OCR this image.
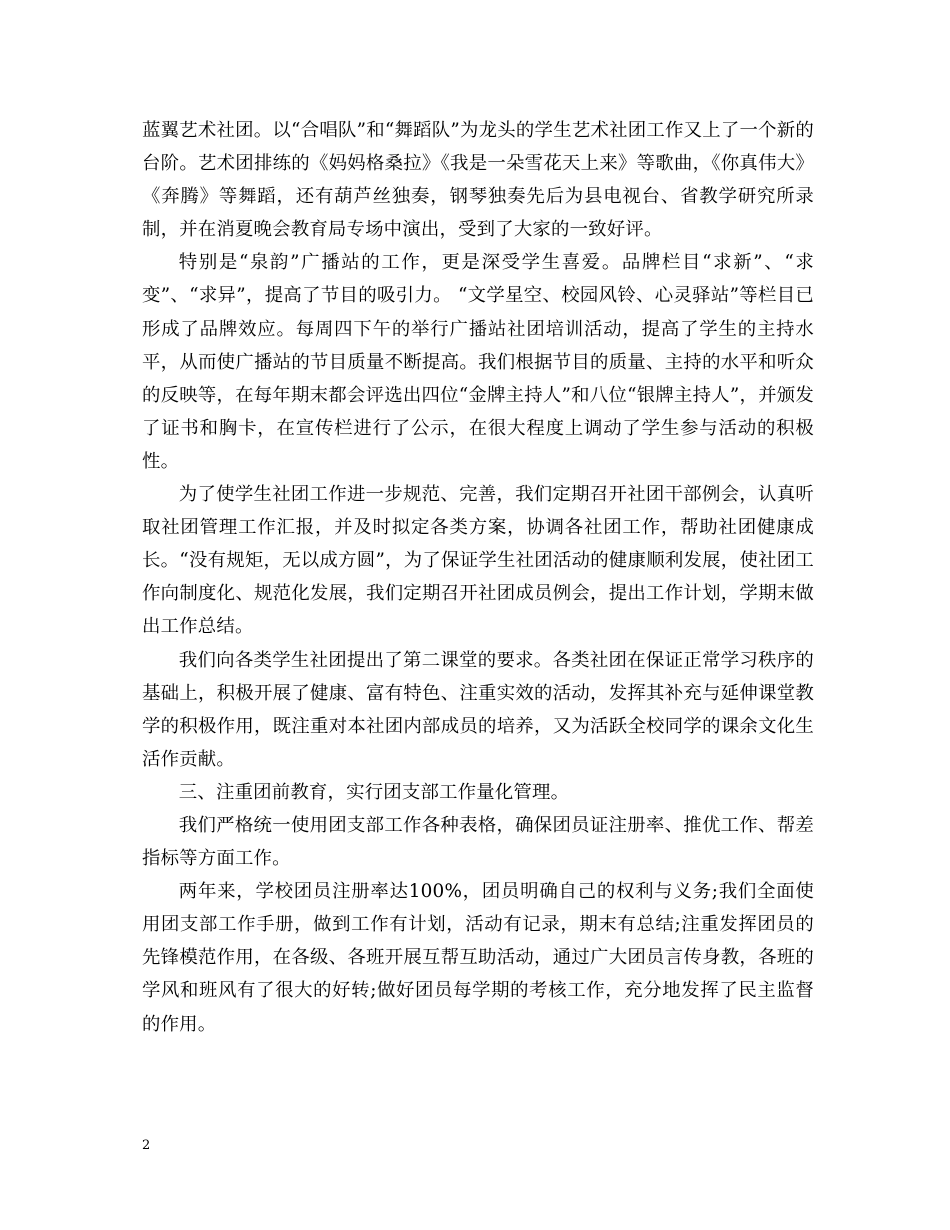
蓝翼艺术社团。以“合唱队”和“舞蹈队”为龙头的学生艺术社团工作又上了一个新的台阶。艺术团排练的《妈妈格桑拉》《我是一朵雪花天上来》等歌曲，《你真伟大》《奔腾》等舞蹈，还有葫芦丝独奏，钢琴独奏先后为县电视台、省教学研究所录制，并在消夏晚会教育局专场中演出，受到了大家的一致好评。

特别是“泉韵”广播站的工作，更是深受学生喜爱。品牌栏目“求新”、“求变”、“求异”，提高了节目的吸引力。 “文学星空、校园风铃、心灵驿站”等栏目已形成了品牌效应。每周四下午的举行广播站社团培训活动，提高了学生的主持水平，从而使广播站的节目质量不断提高。我们根据节目的质量、主持的水平和听众的反映等，在每年期末都会评选出四位“金牌主持人”和八位“银牌主持人”，并颁发了证书和胸卡，在宣传栏进行了公示，在很大程度上调动了学生参与活动的积极性。

为了使学生社团工作进一步规范、完善，我们定期召开社团干部例会，认真听取社团管理工作汇报，并及时拟定各类方案，协调各社团工作，帮助社团健康成长。“没有规矩，无以成方圆”，为了保证学生社团活动的健康顺利发展，使社团工作向制度化、规范化发展，我们定期召开社团成员例会，提出工作计划，学期末做出工作总结。

我们向各类学生社团提出了第二课堂的要求。各类社团在保证正常学习秩序的基础上，积极开展了健康、富有特色、注重实效的活动，发挥其补充与延伸课堂教学的积极作用，既注重对本社团内部成员的培养，又为活跃全校同学的课余文化生活作贡献。

三、注重团前教育，实行团支部工作量化管理。

我们严格统一使用团支部工作各种表格，确保团员证注册率、推优工作、帮差指标等方面工作。

两年来，学校团员注册率达100%，团员明确自己的权利与义务;我们全面使用团支部工作手册，做到工作有计划，活动有记录，期末有总结;注重发挥团员的先锋模范作用，在各级、各班开展互帮互助活动，通过广大团员言传身教，各班的学风和班风有了很大的好转;做好团员每学期的考核工作，充分地发挥了民主监督的作用。

2
